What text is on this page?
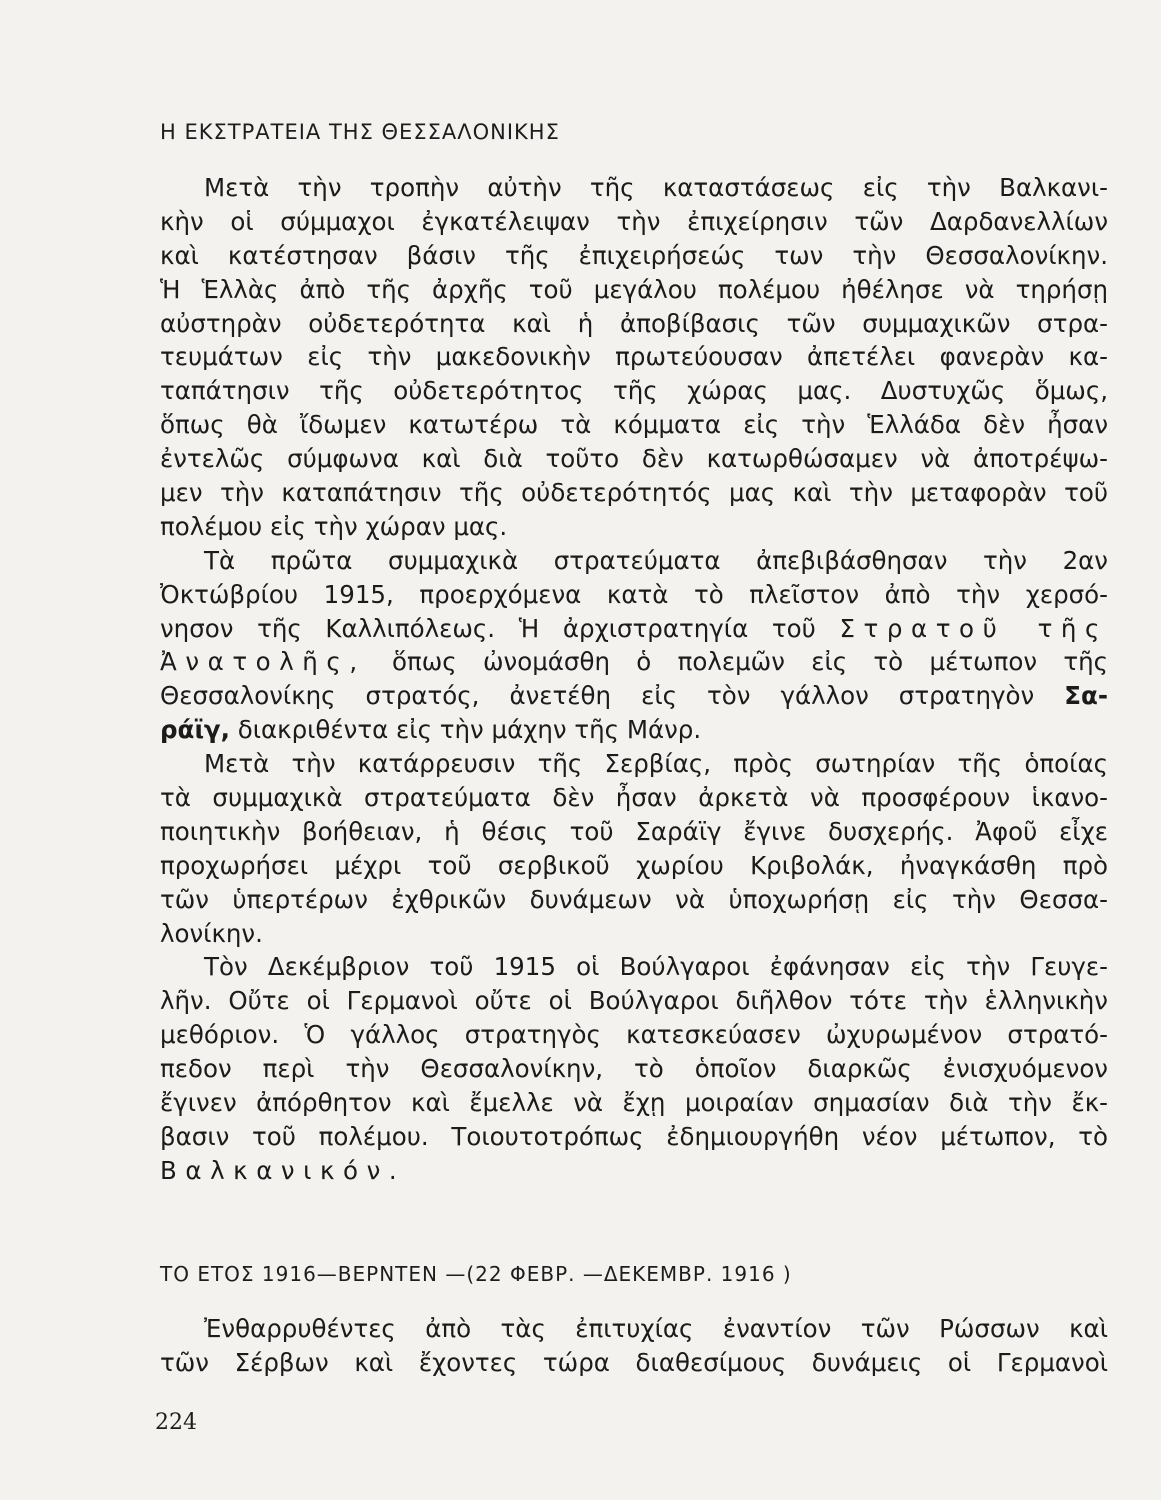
Η ΕΚΣΤΡΑΤΕΙΑ ΤΗΣ ΘΕΣΣΑΛΟΝΙΚΗΣ
Μετὰ τὴν τροπὴν αὐτὴν τῆς καταστάσεως εἰς τὴν Βαλκανι-
κὴν οἱ σύμμαχοι ἐγκατέλειψαν τὴν ἐπιχείρησιν τῶν Δαρδανελλίων
καὶ κατέστησαν βάσιν τῆς ἐπιχειρήσεώς των τὴν Θεσσαλονίκην.
Ἡ Ἑλλὰς ἀπὸ τῆς ἀρχῆς τοῦ μεγάλου πολέμου ἠθέλησε νὰ τηρήσῃ
αὐστηρὰν οὐδετερότητα καὶ ἡ ἀποβίβασις τῶν συμμαχικῶν στρα-
τευμάτων εἰς τὴν μακεδονικὴν πρωτεύουσαν ἀπετέλει φανερὰν κα-
ταπάτησιν τῆς οὐδετερότητος τῆς χώρας μας. Δυστυχῶς ὅμως,
ὅπως θὰ ἴδωμεν κατωτέρω τὰ κόμματα εἰς τὴν Ἑλλάδα δὲν ἦσαν
ἐντελῶς σύμφωνα καὶ διὰ τοῦτο δὲν κατωρθώσαμεν νὰ ἀποτρέψω-
μεν τὴν καταπάτησιν τῆς οὐδετερότητός μας καὶ τὴν μεταφορὰν τοῦ
πολέμου εἰς τὴν χώραν μας.
Τὰ πρῶτα συμμαχικὰ στρατεύματα ἀπεβιβάσθησαν τὴν 2αν
Ὀκτώβρίου 1915, προερχόμενα κατὰ τὸ πλεῖστον ἀπὸ τὴν χερσό-
νησον τῆς Καλλιπόλεως. Ἡ ἀρχιστρατηγία τοῦ Στρατοῦ τῆς
Ἀνατολῆς, ὅπως ὠνομάσθη ὁ πολεμῶν εἰς τὸ μέτωπον τῆς
Θεσσαλονίκης στρατός, ἀνετέθη εἰς τὸν γάλλον στρατηγὸν Σα-
ράϊγ, διακριθέντα εἰς τὴν μάχην τῆς Μάνρ.
Μετὰ τὴν κατάρρευσιν τῆς Σερβίας, πρὸς σωτηρίαν τῆς ὁποίας
τὰ συμμαχικὰ στρατεύματα δὲν ἦσαν ἀρκετὰ νὰ προσφέρουν ἱκανο-
ποιητικὴν βοήθειαν, ἡ θέσις τοῦ Σαράϊγ ἔγινε δυσχερής. Ἀφοῦ εἶχε
προχωρήσει μέχρι τοῦ σερβικοῦ χωρίου Κριβολάκ, ἠναγκάσθη πρὸ
τῶν ὑπερτέρων ἐχθρικῶν δυνάμεων νὰ ὑποχωρήσῃ εἰς τὴν Θεσσα-
λονίκην.
Τὸν Δεκέμβριον τοῦ 1915 οἱ Βούλγαροι ἐφάνησαν εἰς τὴν Γευγε-
λῆν. Οὔτε οἱ Γερμανοὶ οὔτε οἱ Βούλγαροι διῆλθον τότε τὴν ἑλληνικὴν
μεθόριον. Ὁ γάλλος στρατηγὸς κατεσκεύασεν ὠχυρωμένον στρατό-
πεδον περὶ τὴν Θεσσαλονίκην, τὸ ὁποῖον διαρκῶς ἐνισχυόμενον
ἔγινεν ἀπόρθητον καὶ ἔμελλε νὰ ἔχῃ μοιραίαν σημασίαν διὰ τὴν ἔκ-
βασιν τοῦ πολέμου. Τοιουτοτρόπως ἐδημιουργήθη νέον μέτωπον, τὸ
Βαλκανικόν.
ΤΟ ΕΤΟΣ 1916—ΒΕΡΝΤΕΝ —(22 ΦΕΒΡ. —ΔΕΚΕΜΒΡ. 1916 )
Ἐνθαρρυθέντες ἀπὸ τὰς ἐπιτυχίας ἐναντίον τῶν Ρώσσων καὶ
τῶν Σέρβων καὶ ἔχοντες τώρα διαθεσίμους δυνάμεις οἱ Γερμανοὶ
224
